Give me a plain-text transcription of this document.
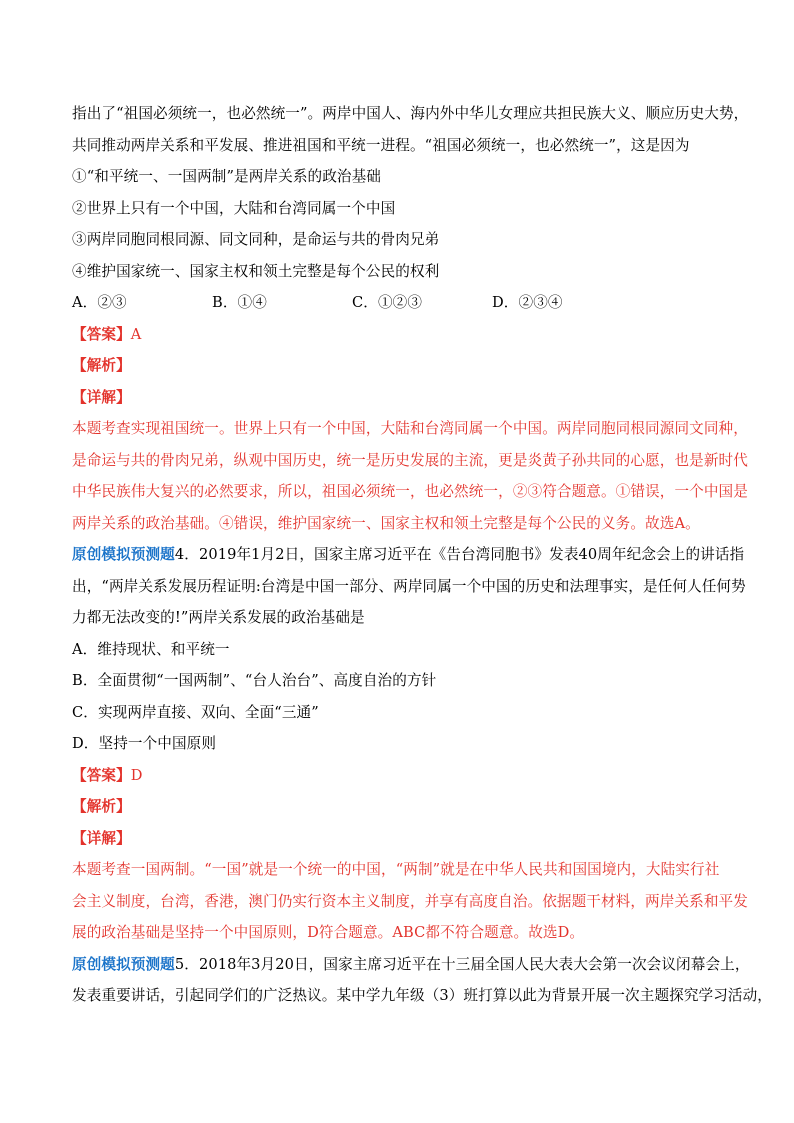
指出了“祖国必须统一，也必然统一”。两岸中国人、海内外中华儿女理应共担民族大义、顺应历史大势，
共同推动两岸关系和平发展、推进祖国和平统一进程。“祖国必须统一，也必然统一”，这是因为
①“和平统一、一国两制”是两岸关系的政治基础
②世界上只有一个中国，大陆和台湾同属一个中国
③两岸同胞同根同源、同文同种，是命运与共的骨肉兄弟
④维护国家统一、国家主权和领土完整是每个公民的权利
A．②③	B．①④	C．①②③	D．②③④
【答案】A
【解析】
【详解】
本题考查实现祖国统一。世界上只有一个中国，大陆和台湾同属一个中国。两岸同胞同根同源同文同种，
是命运与共的骨肉兄弟，纵观中国历史，统一是历史发展的主流，更是炎黄子孙共同的心愿，也是新时代
中华民族伟大复兴的必然要求，所以，祖国必须统一，也必然统一，②③符合题意。①错误，一个中国是
两岸关系的政治基础。④错误，维护国家统一、国家主权和领土完整是每个公民的义务。故选A。
原创模拟预测题4．2019年1月2日，国家主席习近平在《告台湾同胞书》发表40周年纪念会上的讲话指
出，“两岸关系发展历程证明:台湾是中国一部分、两岸同属一个中国的历史和法理事实，是任何人任何势
力都无法改变的!”两岸关系发展的政治基础是
A．维持现状、和平统一
B．全面贯彻“一国两制”、“台人治台”、高度自治的方针
C．实现两岸直接、双向、全面“三通”
D．坚持一个中国原则
【答案】D
【解析】
【详解】
本题考查一国两制。“一国”就是一个统一的中国，“两制”就是在中华人民共和国国境内，大陆实行社
会主义制度，台湾，香港，澳门仍实行资本主义制度，并享有高度自治。依据题干材料，两岸关系和平发
展的政治基础是坚持一个中国原则，D符合题意。ABC都不符合题意。故选D。
原创模拟预测题5．2018年3月20日，国家主席习近平在十三届全国人民大表大会第一次会议闭幕会上，
发表重要讲话，引起同学们的广泛热议。某中学九年级（3）班打算以此为背景开展一次主题探究学习活动，
